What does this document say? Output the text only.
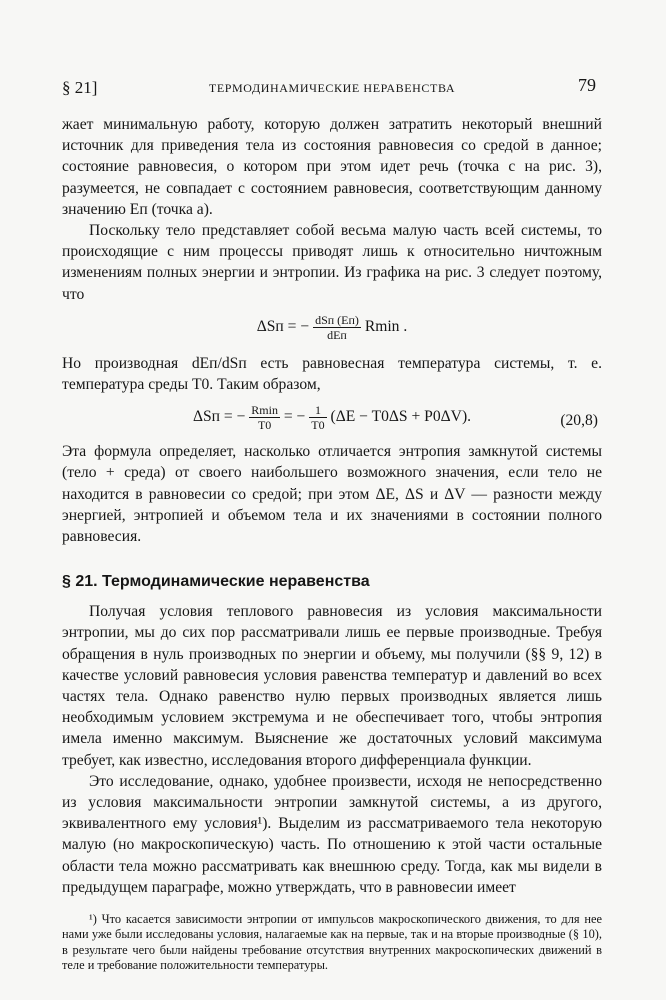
§ 21]	ТЕРМОДИНАМИЧЕСКИЕ НЕРАВЕНСТВА	79

жает минимальную работу, которую должен затратить некоторый внешний источник для приведения тела из состояния равновесия со средой в данное; состояние равновесия, о котором при этом идет речь (точка c на рис. 3), разумеется, не совпадает с состоянием равновесия, соответствующим данному значению Eп (точка a).

Поскольку тело представляет собой весьма малую часть всей системы, то происходящие с ним процессы приводят лишь к относительно ничтожным изменениям полных энергии и энтропии. Из графика на рис. 3 следует поэтому, что

ΔSп = − $\frac{\text{dSп (Eп)}}{\text{dEп}}$ Rmin .

Но производная dEп/dSп есть равновесная температура системы, т. е. температура среды T0. Таким образом,

ΔSп = − $\frac{Rmin}{T0}$ = − $\frac{1}{T0} (\Delta E - T0\Delta S + P0\Delta V)$.	(20,8)

Эта формула определяет, насколько отличается энтропия замкнутой системы (тело + среда) от своего наибольшего возможного значения, если тело не находится в равновесии со средой; при этом ΔE, ΔS и ΔV — разности между энергией, энтропией и объемом тела и их значениями в состоянии полного равновесия.

§ 21. Термодинамические неравенства

Получая условия теплового равновесия из условия максимальности энтропии, мы до сих пор рассматривали лишь ее первые производные. Требуя обращения в нуль производных по энергии и объему, мы получили (§§ 9, 12) в качестве условий равновесия условия равенства температур и давлений во всех частях тела. Однако равенство нулю первых производных является лишь необходимым условием экстремума и не обеспечивает того, чтобы энтропия имела именно максимум. Выяснение же достаточных условий максимума требует, как известно, исследования второго дифференциала функции.

Это исследование, однако, удобнее произвести, исходя не непосредственно из условия максимальности энтропии замкнутой системы, а из другого, эквивалентного ему условия¹). Выделим из рассматриваемого тела некоторую малую (но макроскопическую) часть. По отношению к этой части остальные области тела можно рассматривать как внешнюю среду. Тогда, как мы видели в предыдущем параграфе, можно утверждать, что в равновесии имеет

¹) Что касается зависимости энтропии от импульсов макроскопического движения, то для нее нами уже были исследованы условия, налагаемые как на первые, так и на вторые производные (§ 10), в результате чего были найдены требование отсутствия внутренних макроскопических движений в теле и требование положительности температуры.
